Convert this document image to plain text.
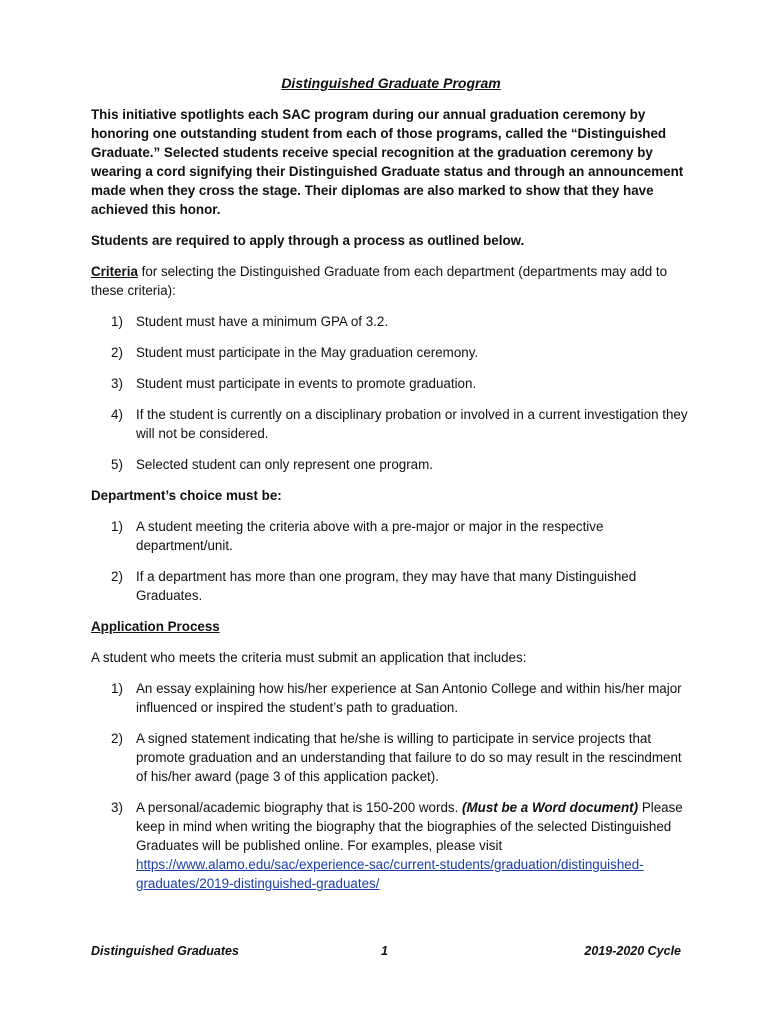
Distinguished Graduate Program

This initiative spotlights each SAC program during our annual graduation ceremony by honoring one outstanding student from each of those programs, called the “Distinguished Graduate.” Selected students receive special recognition at the graduation ceremony by wearing a cord signifying their Distinguished Graduate status and through an announcement made when they cross the stage. Their diplomas are also marked to show that they have achieved this honor.

Students are required to apply through a process as outlined below.

Criteria for selecting the Distinguished Graduate from each department (departments may add to these criteria):

1) Student must have a minimum GPA of 3.2.
2) Student must participate in the May graduation ceremony.
3) Student must participate in events to promote graduation.
4) If the student is currently on a disciplinary probation or involved in a current investigation they will not be considered.
5) Selected student can only represent one program.

Department’s choice must be:

1) A student meeting the criteria above with a pre-major or major in the respective department/unit.
2) If a department has more than one program, they may have that many Distinguished Graduates.

Application Process

A student who meets the criteria must submit an application that includes:

1) An essay explaining how his/her experience at San Antonio College and within his/her major influenced or inspired the student’s path to graduation.
2) A signed statement indicating that he/she is willing to participate in service projects that promote graduation and an understanding that failure to do so may result in the rescindment of his/her award (page 3 of this application packet).
3) A personal/academic biography that is 150-200 words. (Must be a Word document) Please keep in mind when writing the biography that the biographies of the selected Distinguished Graduates will be published online. For examples, please visit https://www.alamo.edu/sac/experience-sac/current-students/graduation/distinguished-graduates/2019-distinguished-graduates/
Distinguished Graduates	1	2019-2020 Cycle
